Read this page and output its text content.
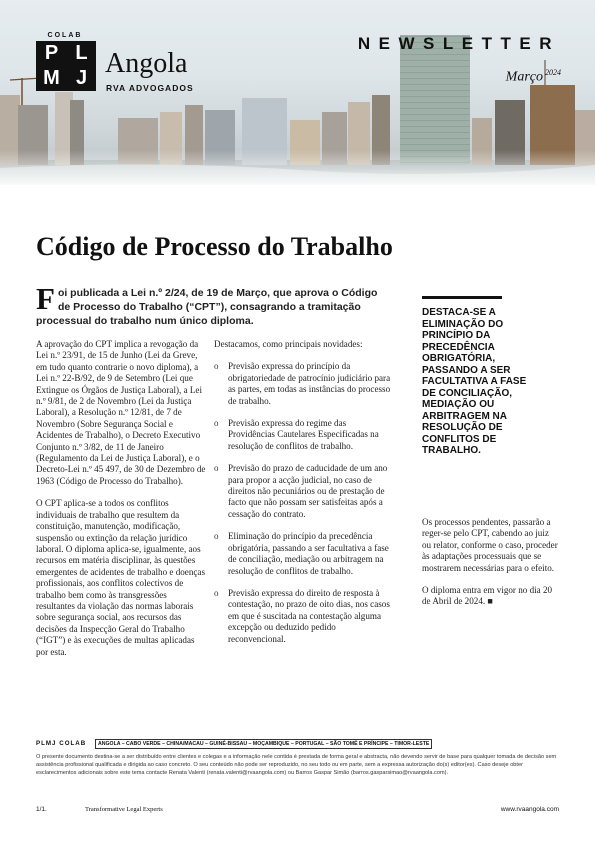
COLAB
P L
M J Angola
RVA ADVOGADOS
NEWSLETTER
Março $^{2024}$
Código de Processo do Trabalho
Foi publicada a Lei n.º 2/24, de 19 de Março, que aprova o Código de Processo do Trabalho (“CPT”), consagrando a tramitação processual do trabalho num único diploma.

A aprovação do CPT implica a revogação da Lei n.º 23/91, de 15 de Junho (Lei da Greve, em tudo quanto contrarie o novo diploma), a Lei n.º 22-B/92, de 9 de Setembro (Lei que Extingue os Órgãos de Justiça Laboral), a Lei n.º 9/81, de 2 de Novembro (Lei da Justiça Laboral), a Resolução n.º 12/81, de 7 de Novembro (Sobre Segurança Social e Acidentes de Trabalho), o Decreto Executivo Conjunto n.º 3/82, de 11 de Janeiro (Regulamento da Lei de Justiça Laboral), e o Decreto-Lei n.º 45 497, de 30 de Dezembro de 1963 (Código de Processo do Trabalho).

O CPT aplica-se a todos os conflitos individuais de trabalho que resultem da constituição, manutenção, modificação, suspensão ou extinção da relação jurídico laboral. O diploma aplica-se, igualmente, aos recursos em matéria disciplinar, às questões emergentes de acidentes de trabalho e doenças profissionais, aos conflitos colectivos de trabalho bem como às transgressões resultantes da violação das normas laborais sobre segurança social, aos recursos das decisões da Inspecção Geral do Trabalho (“IGT”) e às execuções de multas aplicadas por esta.

Destacamos, como principais novidades:

o Previsão expressa do princípio da obrigatoriedade de patrocínio judiciário para as partes, em todas as instâncias do processo de trabalho.
o Previsão expressa do regime das Providências Cautelares Especificadas na resolução de conflitos de trabalho.
o Previsão do prazo de caducidade de um ano para propor a acção judicial, no caso de direitos não pecuniários ou de prestação de facto que não possam ser satisfeitas após a cessação do contrato.
o Eliminação do princípio da precedência obrigatória, passando a ser facultativa a fase de conciliação, mediação ou arbitragem na resolução de conflitos de trabalho.
o Previsão expressa do direito de resposta à contestação, no prazo de oito dias, nos casos em que é suscitada na contestação alguma excepção ou deduzido pedido reconvencional.
DESTACA-SE A ELIMINAÇÃO DO PRINCÍPIO DA PRECEDÊNCIA OBRIGATÓRIA, PASSANDO A SER FACULTATIVA A FASE DE CONCILIAÇÃO, MEDIAÇÃO OU ARBITRAGEM NA RESOLUÇÃO DE CONFLITOS DE TRABALHO.

Os processos pendentes, passarão a reger-se pelo CPT, cabendo ao juiz ou relator, conforme o caso, proceder às adaptações processuais que se mostrarem necessárias para o efeito.

O diploma entra em vigor no dia 20 de Abril de 2024. ■

PLMJ COLAB	ANGOLA – CABO VERDE – CHINA/MACAU – GUINÉ-BISSAU – MOÇAMBIQUE – PORTUGAL – SÃO TOMÉ E PRÍNCIPE – TIMOR-LESTE
O presente documento destina-se a ser distribuído entre clientes e colegas e a informação nele contida é prestada de forma geral e abstracta, não devendo servir de base para qualquer tomada de decisão sem assistência profissional qualificada e dirigida ao caso concreto. O seu conteúdo não pode ser reproduzido, no seu todo ou em parte, sem a expressa autorização do(s) editor(es). Caso deseje obter esclarecimentos adicionais sobre este tema contacte Renata Valenti (renata.valenti@rvaangola.com) ou Barros Gaspar Simão (barros.gasparsimao@rvaangola.com).
1/1.	Transformative Legal Experts	www.rvaangola.com
